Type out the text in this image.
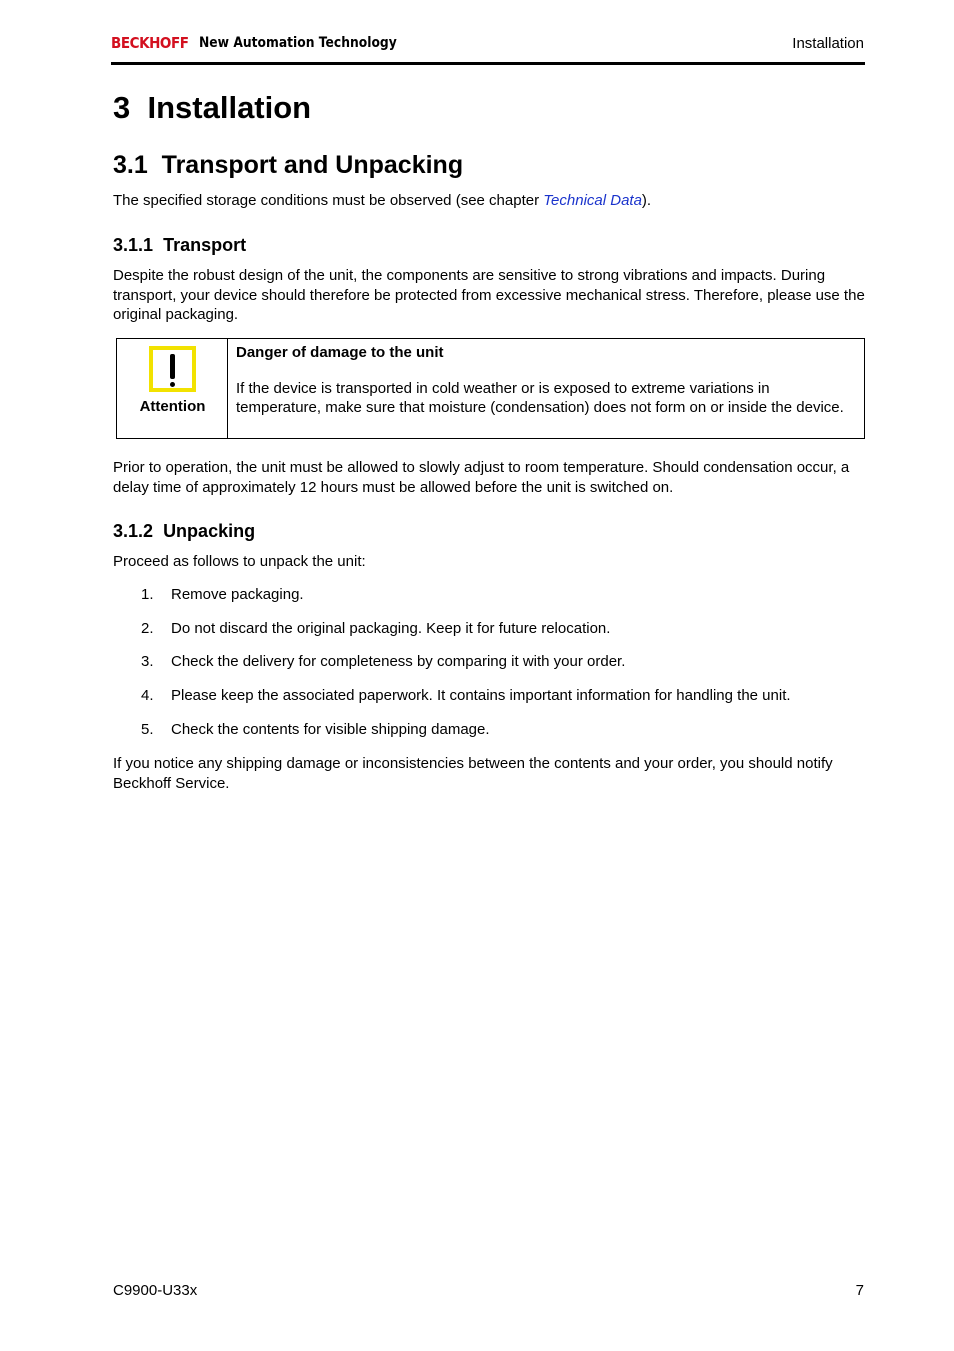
BECKHOFF New Automation Technology	Installation
3 Installation
3.1 Transport and Unpacking
The specified storage conditions must be observed (see chapter Technical Data).
3.1.1 Transport
Despite the robust design of the unit, the components are sensitive to strong vibrations and impacts. During transport, your device should therefore be protected from excessive mechanical stress. Therefore, please use the original packaging.
Attention
Danger of damage to the unit
If the device is transported in cold weather or is exposed to extreme variations in temperature, make sure that moisture (condensation) does not form on or inside the device.
Prior to operation, the unit must be allowed to slowly adjust to room temperature. Should condensation occur, a delay time of approximately 12 hours must be allowed before the unit is switched on.
3.1.2 Unpacking
Proceed as follows to unpack the unit:
1. Remove packaging.
2. Do not discard the original packaging. Keep it for future relocation.
3. Check the delivery for completeness by comparing it with your order.
4. Please keep the associated paperwork. It contains important information for handling the unit.
5. Check the contents for visible shipping damage.
If you notice any shipping damage or inconsistencies between the contents and your order, you should notify Beckhoff Service.
C9900-U33x	7
